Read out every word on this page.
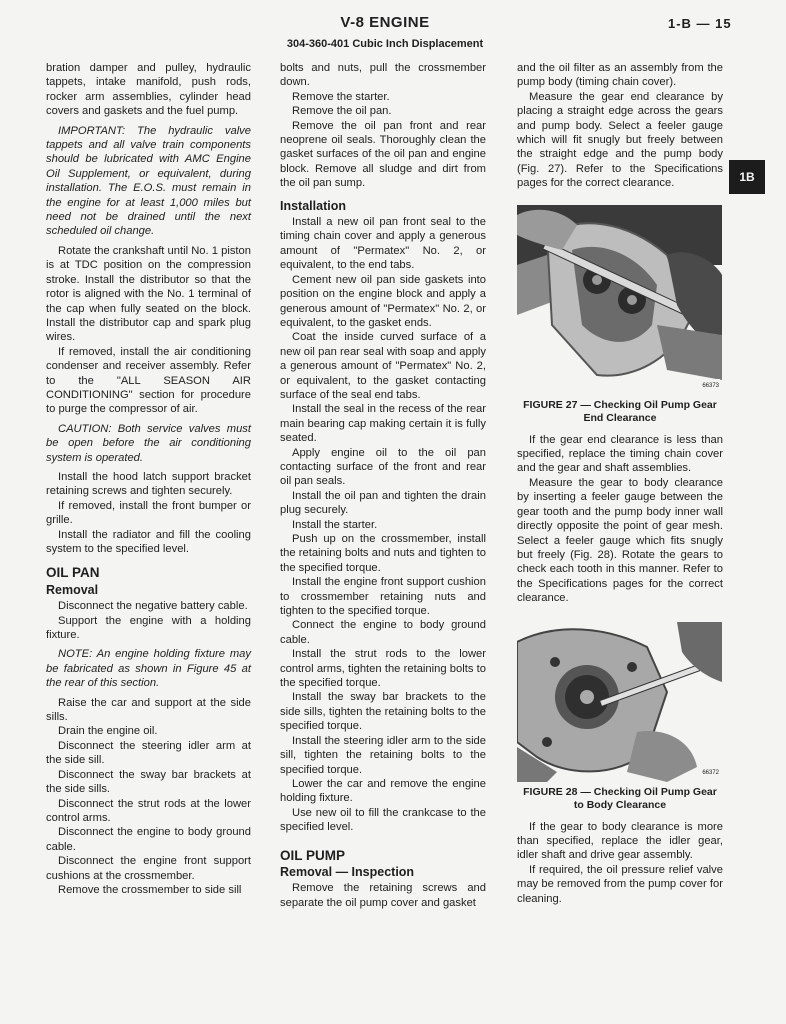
V-8 ENGINE
304-360-401 Cubic Inch Displacement
1-B — 15
1B

bration damper and pulley, hydraulic tappets, intake manifold, push rods, rocker arm assemblies, cylinder head covers and gaskets and the fuel pump.

IMPORTANT: The hydraulic valve tappets and all valve train components should be lubricated with AMC Engine Oil Supplement, or equivalent, during installation. The E.O.S. must remain in the engine for at least 1,000 miles but need not be drained until the next scheduled oil change.

Rotate the crankshaft until No. 1 piston is at TDC position on the compression stroke. Install the distributor so that the rotor is aligned with the No. 1 terminal of the cap when fully seated on the block. Install the distributor cap and spark plug wires.

If removed, install the air conditioning condenser and receiver assembly. Refer to the "ALL SEASON AIR CONDITIONING" section for procedure to purge the compressor of air.

CAUTION: Both service valves must be open before the air conditioning system is operated.

Install the hood latch support bracket retaining screws and tighten securely.

If removed, install the front bumper or grille.

Install the radiator and fill the cooling system to the specified level.

OIL PAN
Removal

Disconnect the negative battery cable.

Support the engine with a holding fixture.

NOTE: An engine holding fixture may be fabricated as shown in Figure 45 at the rear of this section.

Raise the car and support at the side sills.

Drain the engine oil.

Disconnect the steering idler arm at the side sill.

Disconnect the sway bar brackets at the side sills.

Disconnect the strut rods at the lower control arms.

Disconnect the engine to body ground cable.

Disconnect the engine front support cushions at the crossmember.

Remove the crossmember to side sill

bolts and nuts, pull the crossmember down.

Remove the starter.

Remove the oil pan.

Remove the oil pan front and rear neoprene oil seals. Thoroughly clean the gasket surfaces of the oil pan and engine block. Remove all sludge and dirt from the oil pan sump.

Installation

Install a new oil pan front seal to the timing chain cover and apply a generous amount of "Permatex" No. 2, or equivalent, to the end tabs.

Cement new oil pan side gaskets into position on the engine block and apply a generous amount of "Permatex" No. 2, or equivalent, to the gasket ends.

Coat the inside curved surface of a new oil pan rear seal with soap and apply a generous amount of "Permatex" No. 2, or equivalent, to the gasket contacting surface of the seal end tabs.

Install the seal in the recess of the rear main bearing cap making certain it is fully seated.

Apply engine oil to the oil pan contacting surface of the front and rear oil pan seals.

Install the oil pan and tighten the drain plug securely.

Install the starter.

Push up on the crossmember, install the retaining bolts and nuts and tighten to the specified torque.

Install the engine front support cushion to crossmember retaining nuts and tighten to the specified torque.

Connect the engine to body ground cable.

Install the strut rods to the lower control arms, tighten the retaining bolts to the specified torque.

Install the sway bar brackets to the side sills, tighten the retaining bolts to the specified torque.

Install the steering idler arm to the side sill, tighten the retaining bolts to the specified torque.

Lower the car and remove the engine holding fixture.

Use new oil to fill the crankcase to the specified level.

OIL PUMP
Removal — Inspection

Remove the retaining screws and separate the oil pump cover and gasket

and the oil filter as an assembly from the pump body (timing chain cover).

Measure the gear end clearance by placing a straight edge across the gears and pump body. Select a feeler gauge which will fit snugly but freely between the straight edge and the pump body (Fig. 27). Refer to the Specifications pages for the correct clearance.

66373
FIGURE 27 — Checking Oil Pump Gear End Clearance

If the gear end clearance is less than specified, replace the timing chain cover and the gear and shaft assemblies.

Measure the gear to body clearance by inserting a feeler gauge between the gear tooth and the pump body inner wall directly opposite the point of gear mesh. Select a feeler gauge which fits snugly but freely (Fig. 28). Rotate the gears to check each tooth in this manner. Refer to the Specifications pages for the correct clearance.

66372
FIGURE 28 — Checking Oil Pump Gear to Body Clearance

If the gear to body clearance is more than specified, replace the idler gear, idler shaft and drive gear assembly.

If required, the oil pressure relief valve may be removed from the pump cover for cleaning.
